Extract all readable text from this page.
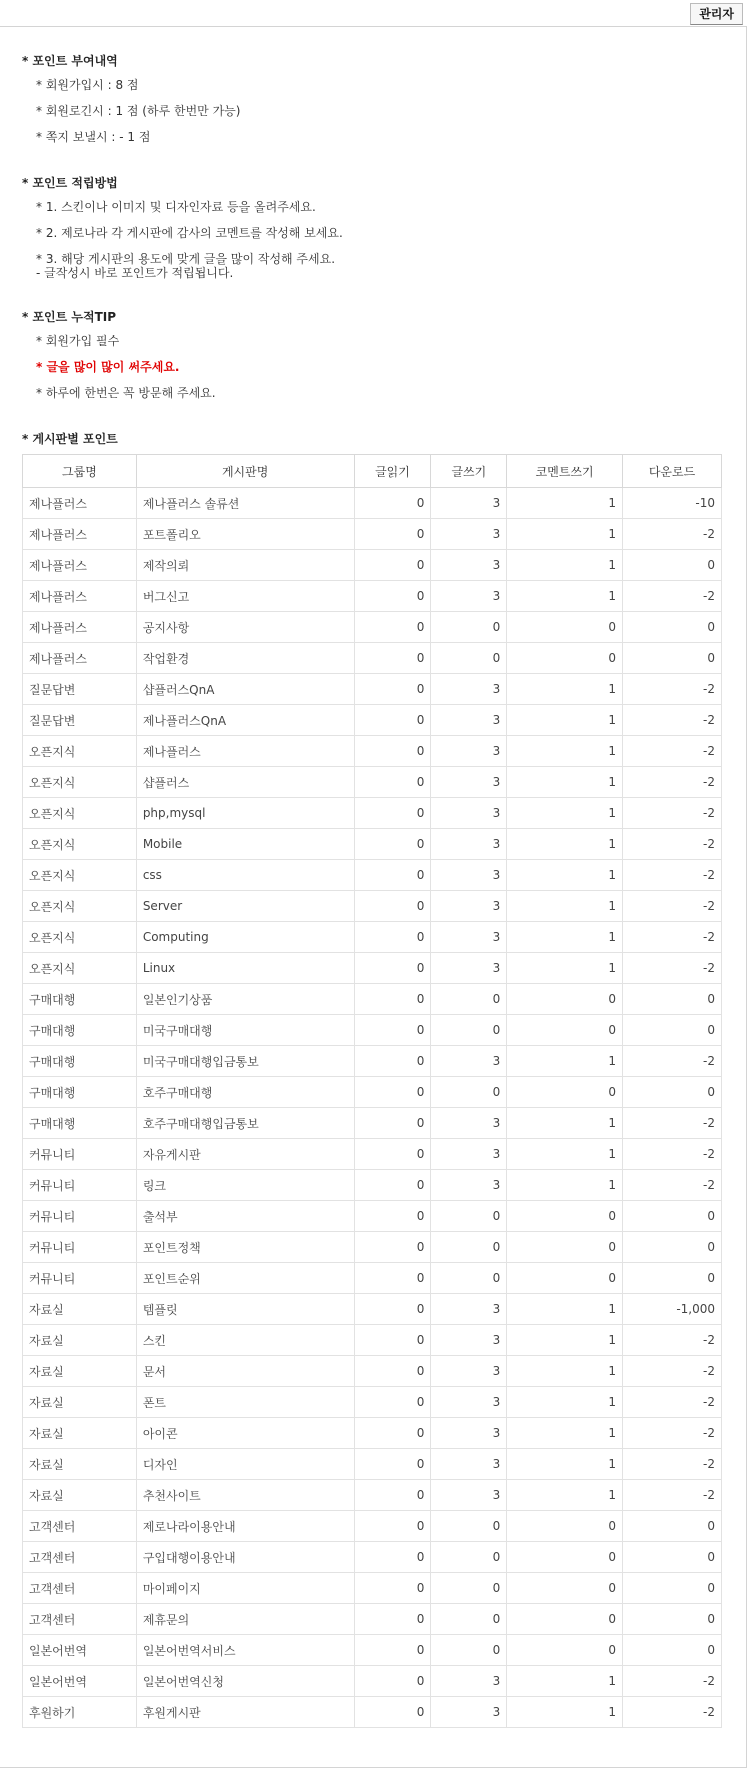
관리자
* 포인트 부여내역
* 회원가입시 : 8 점
* 회원로긴시 : 1 점 (하루 한번만 가능)
* 쪽지 보낼시 : - 1 점
* 포인트 적립방법
* 1. 스킨이나 이미지 및 디자인자료 등을 올려주세요.
* 2. 제로나라 각 게시판에 감사의 코멘트를 작성해 보세요.
* 3. 해당 게시판의 용도에 맞게 글을 많이 작성해 주세요.
- 글작성시 바로 포인트가 적립됩니다.
* 포인트 누적TIP
* 회원가입 필수
* 글을 많이 많이 써주세요.
* 하루에 한번은 꼭 방문해 주세요.
* 게시판별 포인트
그룹명	게시판명	글읽기	글쓰기	코멘트쓰기	다운로드
제나플러스	제나플러스 솔류션	0	3	1	-10
제나플러스	포트폴리오	0	3	1	-2
제나플러스	제작의뢰	0	3	1	0
제나플러스	버그신고	0	3	1	-2
제나플러스	공지사항	0	0	0	0
제나플러스	작업환경	0	0	0	0
질문답변	샵플러스QnA	0	3	1	-2
질문답변	제나플러스QnA	0	3	1	-2
오픈지식	제나플러스	0	3	1	-2
오픈지식	샵플러스	0	3	1	-2
오픈지식	php,mysql	0	3	1	-2
오픈지식	Mobile	0	3	1	-2
오픈지식	css	0	3	1	-2
오픈지식	Server	0	3	1	-2
오픈지식	Computing	0	3	1	-2
오픈지식	Linux	0	3	1	-2
구매대행	일본인기상품	0	0	0	0
구매대행	미국구매대행	0	0	0	0
구매대행	미국구매대행입금통보	0	3	1	-2
구매대행	호주구매대행	0	0	0	0
구매대행	호주구매대행입금통보	0	3	1	-2
커뮤니티	자유게시판	0	3	1	-2
커뮤니티	링크	0	3	1	-2
커뮤니티	출석부	0	0	0	0
커뮤니티	포인트정책	0	0	0	0
커뮤니티	포인트순위	0	0	0	0
자료실	템플릿	0	3	1	-1,000
자료실	스킨	0	3	1	-2
자료실	문서	0	3	1	-2
자료실	폰트	0	3	1	-2
자료실	아이콘	0	3	1	-2
자료실	디자인	0	3	1	-2
자료실	추천사이트	0	3	1	-2
고객센터	제로나라이용안내	0	0	0	0
고객센터	구입대행이용안내	0	0	0	0
고객센터	마이페이지	0	0	0	0
고객센터	제휴문의	0	0	0	0
일본어번역	일본어번역서비스	0	0	0	0
일본어번역	일본어번역신청	0	3	1	-2
후원하기	후원게시판	0	3	1	-2
